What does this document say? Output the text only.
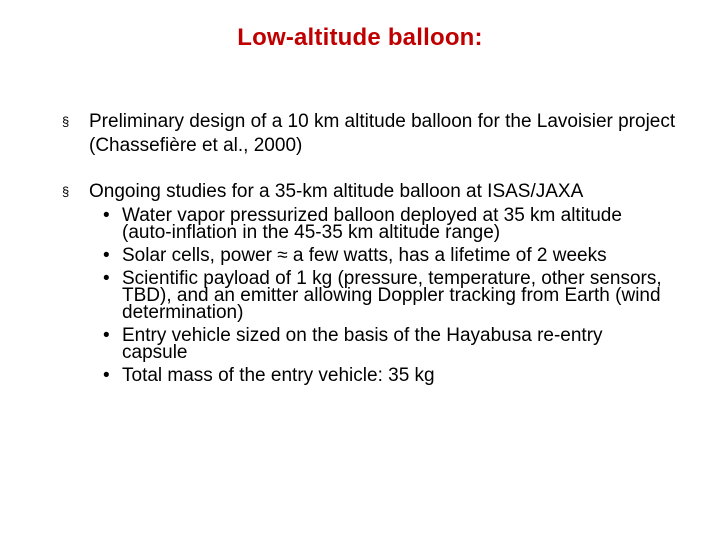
Low-altitude balloon:
§ Preliminary design of a 10 km altitude balloon for the Lavoisier project (Chassefière et al., 2000)
§ Ongoing studies for a 35-km altitude balloon at ISAS/JAXA
• Water vapor pressurized balloon deployed at 35 km altitude (auto-inflation in the 45-35 km altitude range)
• Solar cells, power ≈ a few watts, has a lifetime of 2 weeks
• Scientific payload of 1 kg (pressure, temperature, other sensors, TBD), and an emitter allowing Doppler tracking from Earth (wind determination)
• Entry vehicle sized on the basis of the Hayabusa re-entry capsule
• Total mass of the entry vehicle: 35 kg
